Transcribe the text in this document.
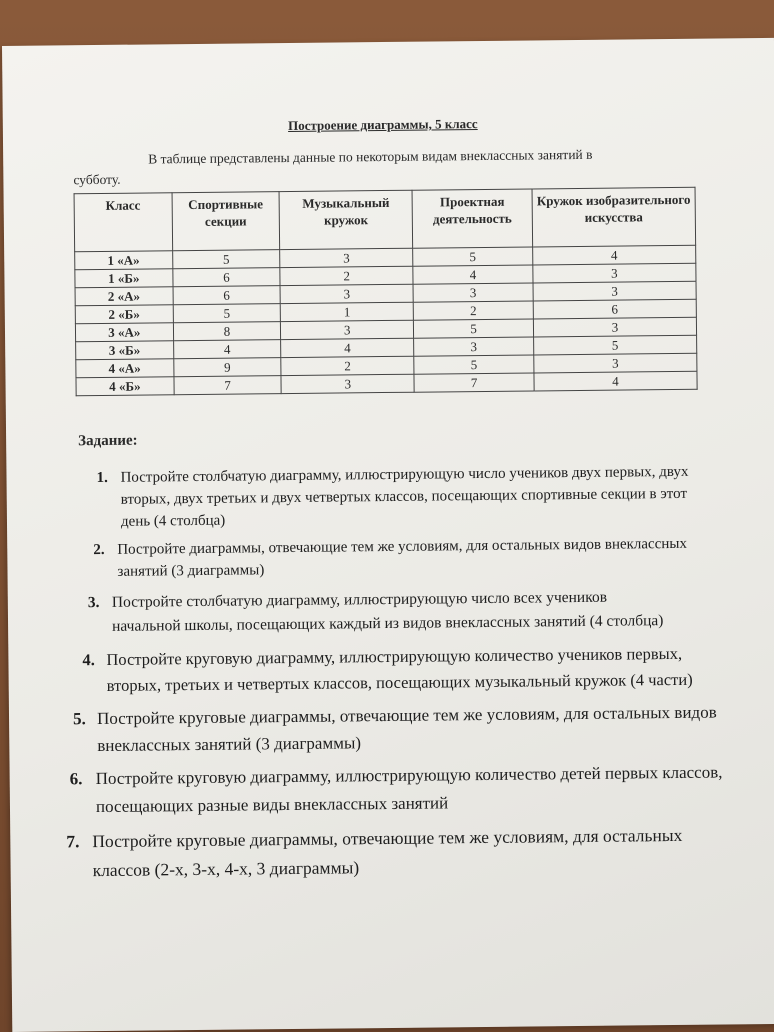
Построение диаграммы, 5 класс
В таблице представлены данные по некоторым видам внеклассных занятий в субботу.
Класс	Спортивные секции	Музыкальный кружок	Проектная деятельность	Кружок изобразительного искусства
1 «А»	5	3	5	4
1 «Б»	6	2	4	3
2 «А»	6	3	3	3
2 «Б»	5	1	2	6
3 «А»	8	3	5	3
3 «Б»	4	4	3	5
4 «А»	9	2	5	3
4 «Б»	7	3	7	4
Задание:
1. Постройте столбчатую диаграмму, иллюстрирующую число учеников двух первых, двух вторых, двух третьих и двух четвертых классов, посещающих спортивные секции в этот день (4 столбца)
2. Постройте диаграммы, отвечающие тем же условиям, для остальных видов внеклассных занятий (3 диаграммы)
3. Постройте столбчатую диаграмму, иллюстрирующую число всех учеников начальной школы, посещающих каждый из видов внеклассных занятий (4 столбца)
4. Постройте круговую диаграмму, иллюстрирующую количество учеников первых, вторых, третьих и четвертых классов, посещающих музыкальный кружок (4 части)
5. Постройте круговые диаграммы, отвечающие тем же условиям, для остальных видов внеклассных занятий (3 диаграммы)
6. Постройте круговую диаграмму, иллюстрирующую количество детей первых классов, посещающих разные виды внеклассных занятий
7. Постройте круговые диаграммы, отвечающие тем же условиям, для остальных классов (2-х, 3-х, 4-х, 3 диаграммы)
